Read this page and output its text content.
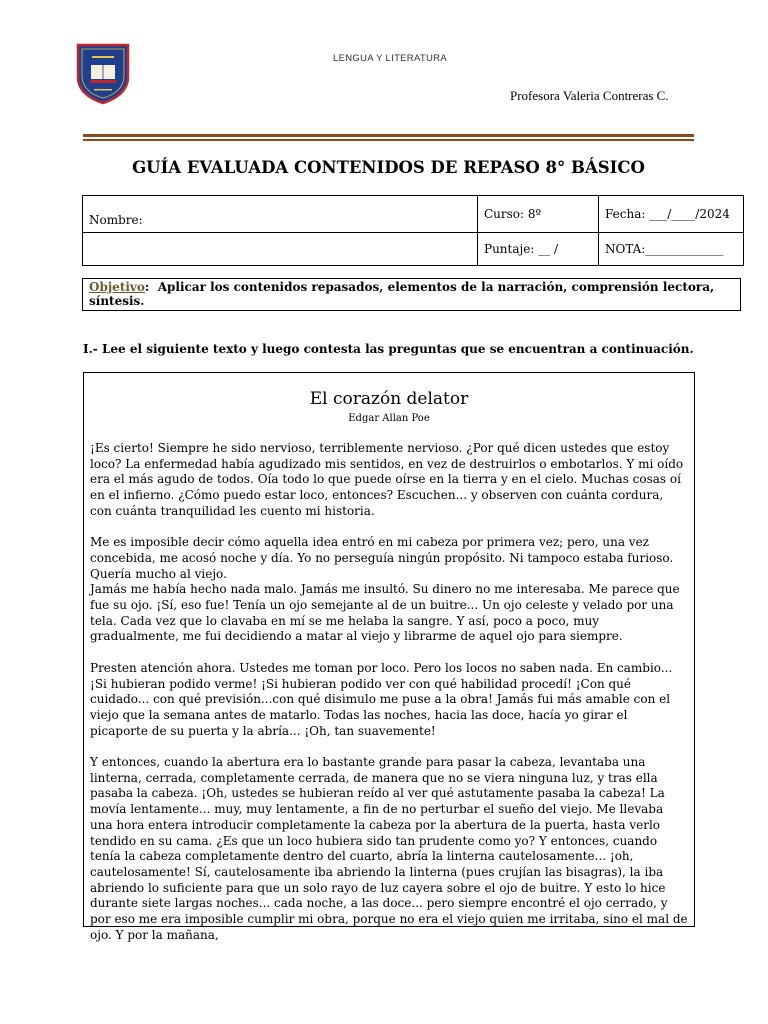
LENGUA Y LITERATURA
Profesora Valeria Contreras C.
GUÍA EVALUADA CONTENIDOS DE REPASO 8° BÁSICO
Nombre:	Curso: 8º	Fecha: ___/____/2024
	Puntaje: __ /	NOTA:_____________
Objetivo: Aplicar los contenidos repasados, elementos de la narración, comprensión lectora, síntesis.
I.- Lee el siguiente texto y luego contesta las preguntas que se encuentran a continuación.
El corazón delator
Edgar Allan Poe

¡Es cierto! Siempre he sido nervioso, terriblemente nervioso. ¿Por qué dicen ustedes que estoy loco? La enfermedad había agudizado mis sentidos, en vez de destruirlos o embotarlos. Y mi oído era el más agudo de todos. Oía todo lo que puede oírse en la tierra y en el cielo. Muchas cosas oí en el infierno. ¿Cómo puedo estar loco, entonces? Escuchen... y observen con cuánta cordura, con cuánta tranquilidad les cuento mi historia.

Me es imposible decir cómo aquella idea entró en mi cabeza por primera vez; pero, una vez concebida, me acosó noche y día. Yo no perseguía ningún propósito. Ni tampoco estaba furioso. Quería mucho al viejo.

Jamás me había hecho nada malo. Jamás me insultó. Su dinero no me interesaba. Me parece que fue su ojo. ¡Sí, eso fue! Tenía un ojo semejante al de un buitre... Un ojo celeste y velado por una tela. Cada vez que lo clavaba en mí se me helaba la sangre. Y así, poco a poco, muy gradualmente, me fui decidiendo a matar al viejo y librarme de aquel ojo para siempre.

Presten atención ahora. Ustedes me toman por loco. Pero los locos no saben nada. En cambio... ¡Si hubieran podido verme! ¡Si hubieran podido ver con qué habilidad procedí! ¡Con qué cuidado... con qué previsión...con qué disimulo me puse a la obra! Jamás fui más amable con el viejo que la semana antes de matarlo. Todas las noches, hacia las doce, hacía yo girar el picaporte de su puerta y la abría... ¡Oh, tan suavemente!

Y entonces, cuando la abertura era lo bastante grande para pasar la cabeza, levantaba una linterna, cerrada, completamente cerrada, de manera que no se viera ninguna luz, y tras ella pasaba la cabeza. ¡Oh, ustedes se hubieran reído al ver qué astutamente pasaba la cabeza! La movía lentamente... muy, muy lentamente, a fin de no perturbar el sueño del viejo. Me llevaba una hora entera introducir completamente la cabeza por la abertura de la puerta, hasta verlo tendido en su cama. ¿Es que un loco hubiera sido tan prudente como yo? Y entonces, cuando tenía la cabeza completamente dentro del cuarto, abría la linterna cautelosamente... ¡oh, cautelosamente! Sí, cautelosamente iba abriendo la linterna (pues crujían las bisagras), la iba abriendo lo suficiente para que un solo rayo de luz cayera sobre el ojo de buitre. Y esto lo hice durante siete largas noches... cada noche, a las doce... pero siempre encontré el ojo cerrado, y por eso me era imposible cumplir mi obra, porque no era el viejo quien me irritaba, sino el mal de ojo. Y por la mañana,
